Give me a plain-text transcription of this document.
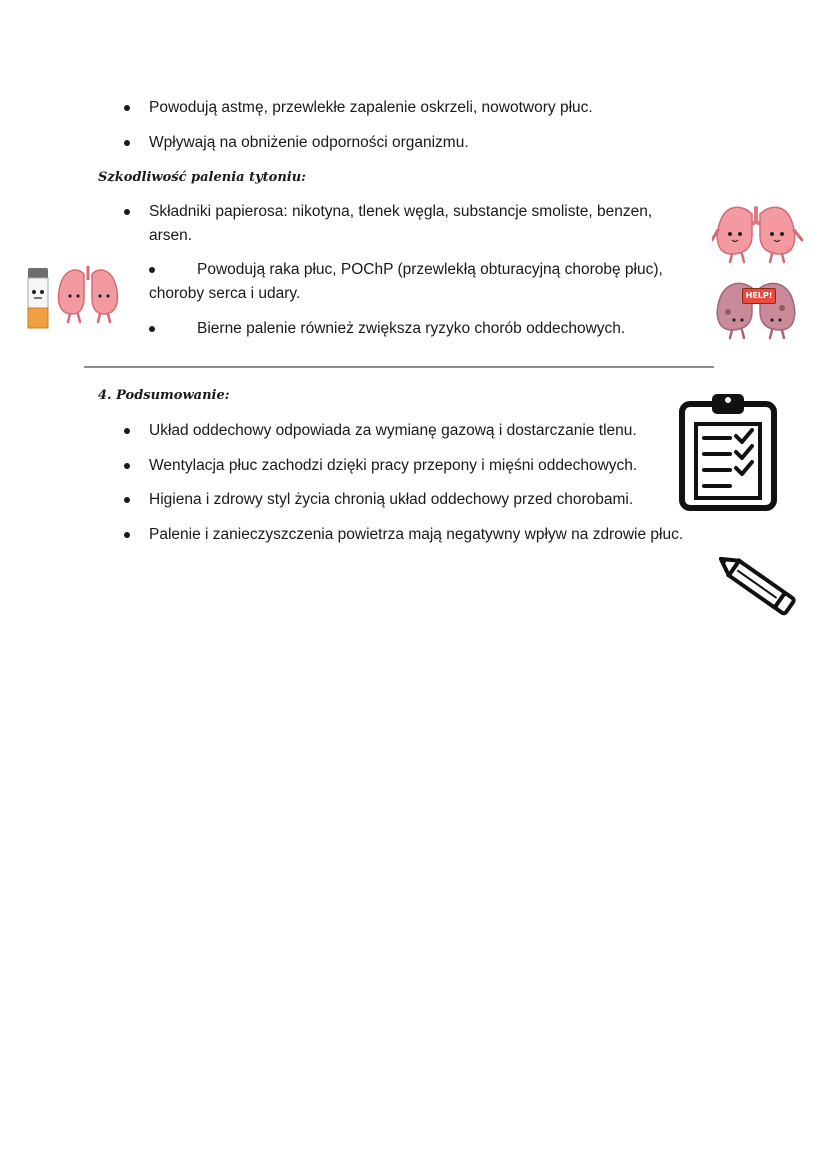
Powodują astmę, przewlekłe zapalenie oskrzeli, nowotwory płuc.
Wpływają na obniżenie odporności organizmu.
Szkodliwość palenia tytoniu:
Składniki papierosa: nikotyna, tlenek węgla, substancje smoliste, benzen,
arsen.
Powodują raka płuc, POChP (przewlekłą obturacyjną chorobę płuc),
choroby serca i udary.
Bierne palenie również zwiększa ryzyko chorób oddechowych.
4. Podsumowanie:
Układ oddechowy odpowiada za wymianę gazową i dostarczanie tlenu.
Wentylacja płuc zachodzi dzięki pracy przepony i mięśni oddechowych.
Higiena i zdrowy styl życia chronią układ oddechowy przed chorobami.
Palenie i zanieczyszczenia powietrza mają negatywny wpływ na zdrowie płuc.
HELP!
